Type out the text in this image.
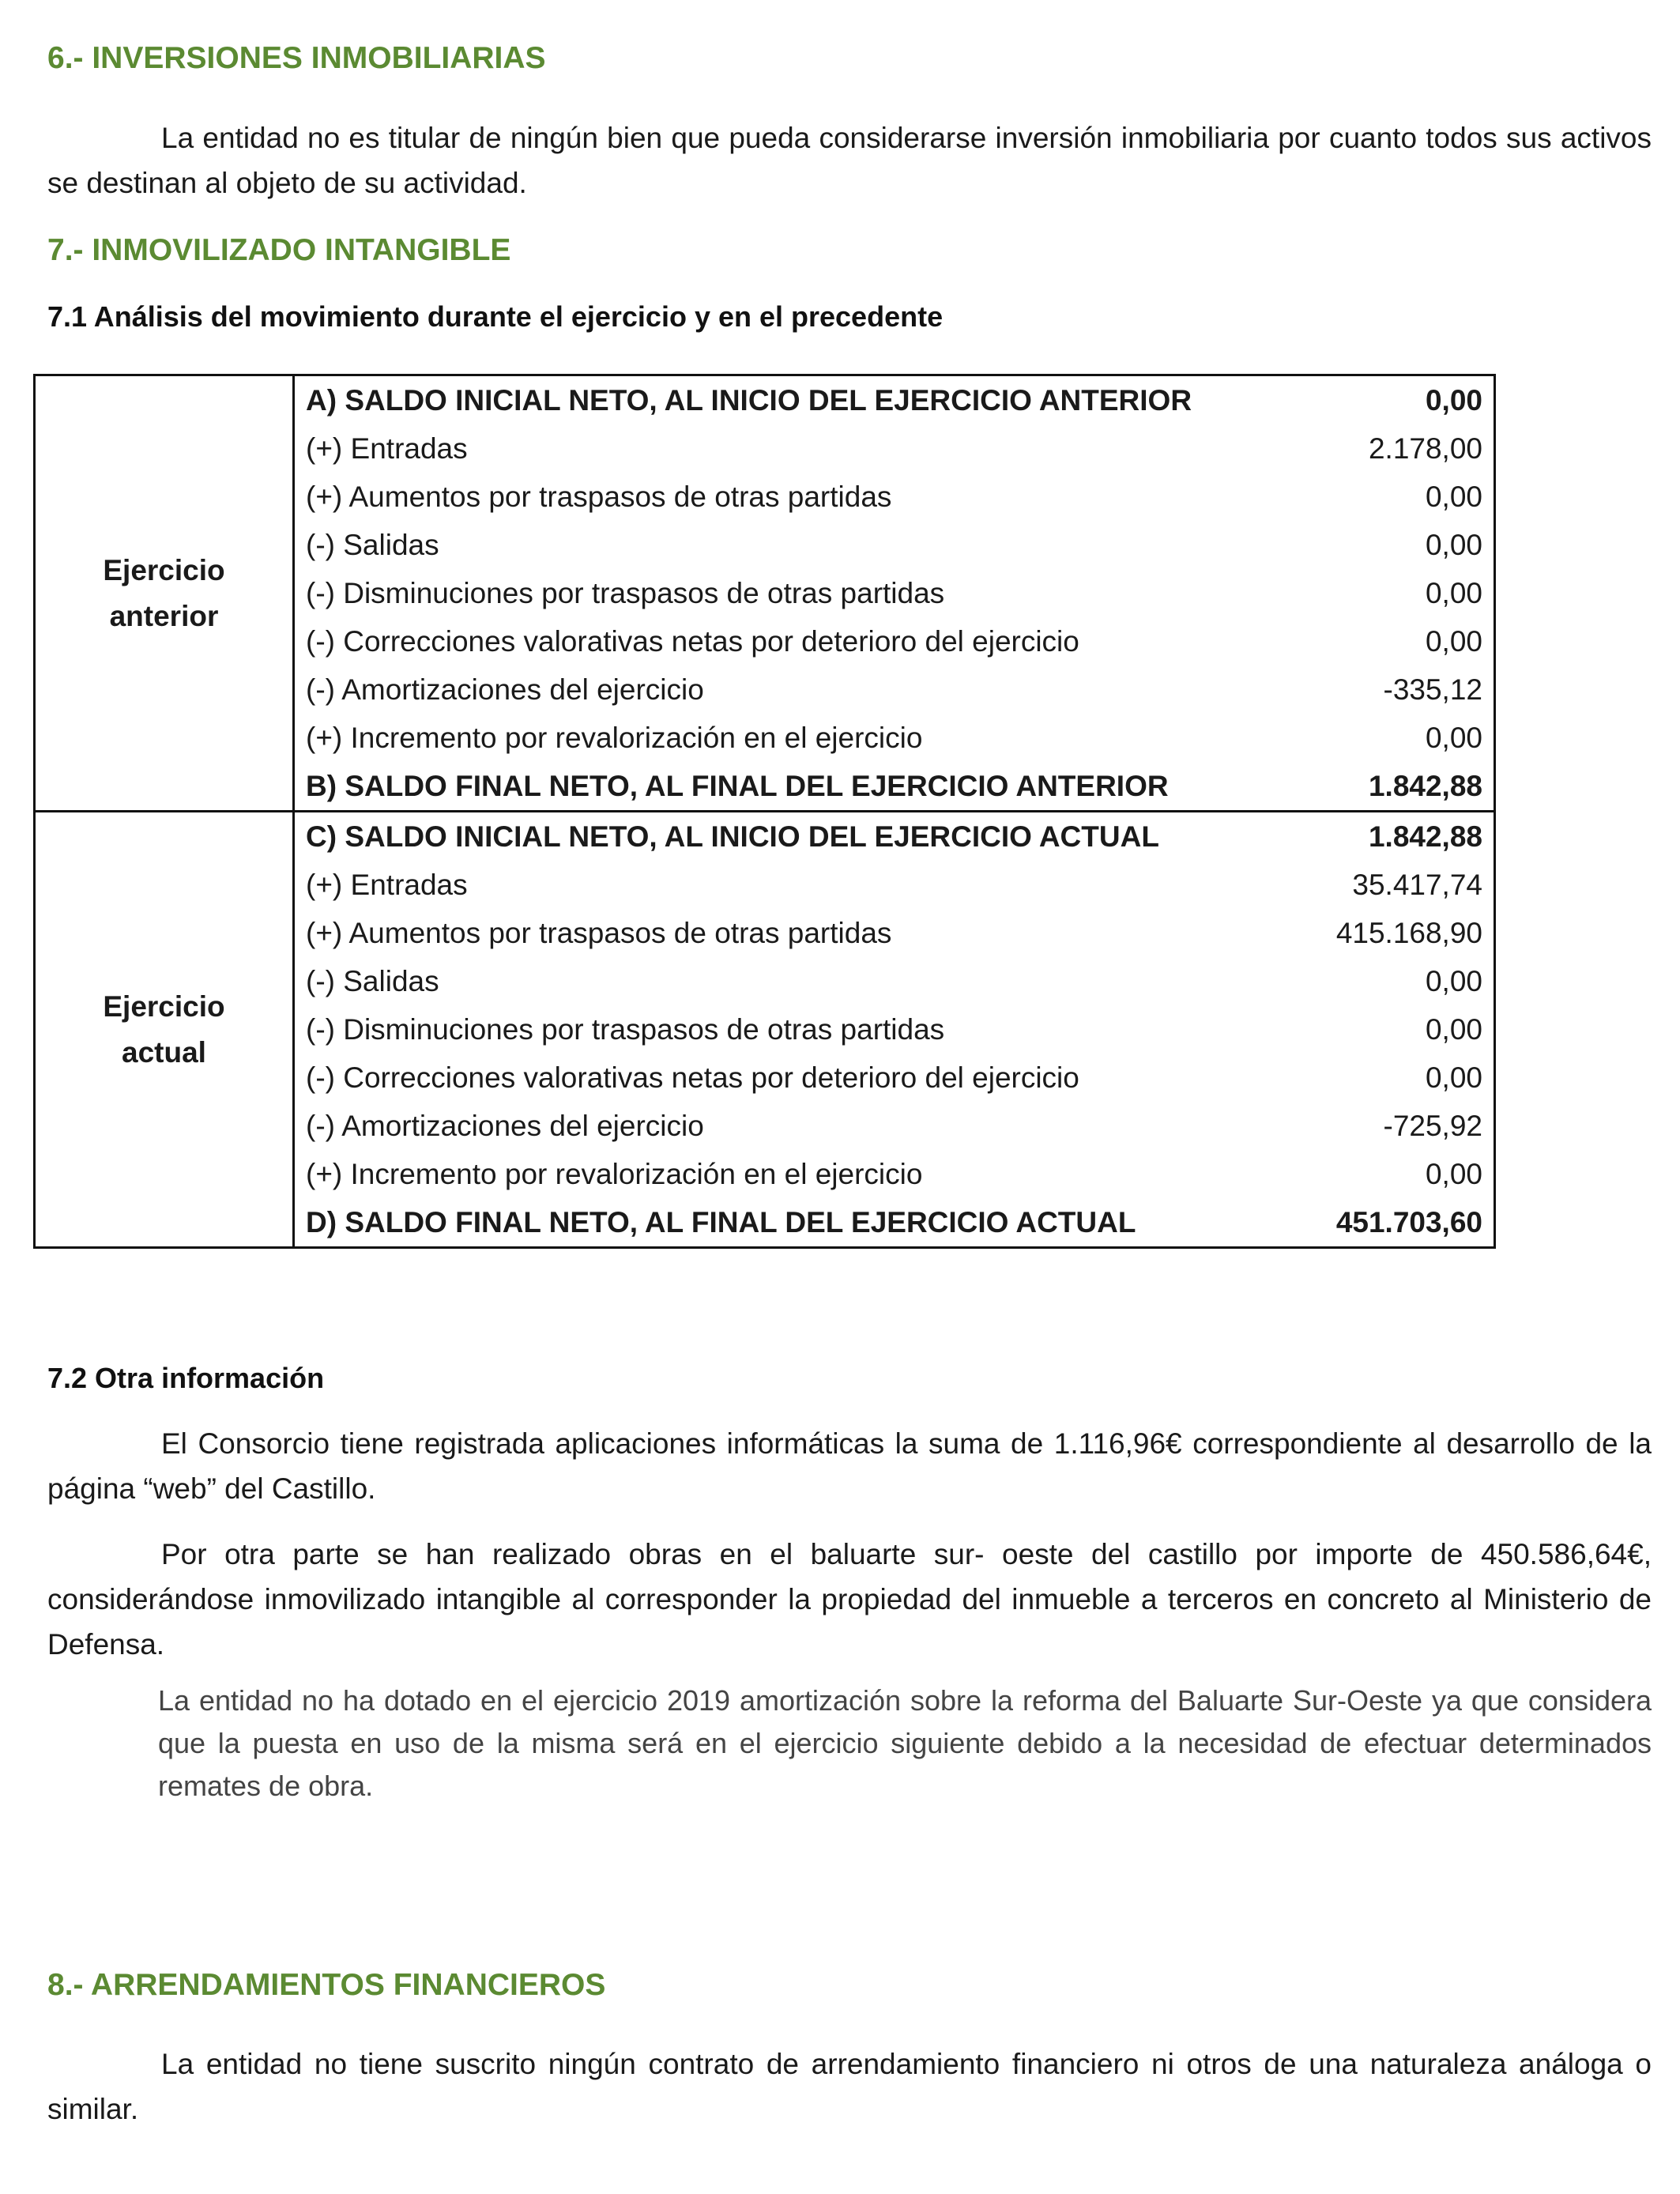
6.- INVERSIONES INMOBILIARIAS

La entidad no es titular de ningún bien que pueda considerarse inversión inmobiliaria por cuanto todos sus activos se destinan al objeto de su actividad.

7.- INMOVILIZADO INTANGIBLE
7.1 Análisis del movimiento durante el ejercicio y en el precedente
Ejercicio
anterior	A) SALDO INICIAL NETO, AL INICIO DEL EJERCICIO ANTERIOR	0,00
	(+) Entradas	2.178,00
	(+) Aumentos por traspasos de otras partidas	0,00
	(-) Salidas	0,00
	(-) Disminuciones por traspasos de otras partidas	0,00
	(-) Correcciones valorativas netas por deterioro del ejercicio	0,00
	(-) Amortizaciones del ejercicio	-335,12
	(+) Incremento por revalorización en el ejercicio	0,00
	B) SALDO FINAL NETO, AL FINAL DEL EJERCICIO ANTERIOR	1.842,88
Ejercicio
actual	C) SALDO INICIAL NETO, AL INICIO DEL EJERCICIO ACTUAL	1.842,88
	(+) Entradas	35.417,74
	(+) Aumentos por traspasos de otras partidas	415.168,90
	(-) Salidas	0,00
	(-) Disminuciones por traspasos de otras partidas	0,00
	(-) Correcciones valorativas netas por deterioro del ejercicio	0,00
	(-) Amortizaciones del ejercicio	-725,92
	(+) Incremento por revalorización en el ejercicio	0,00
	D) SALDO FINAL NETO, AL FINAL DEL EJERCICIO ACTUAL	451.703,60
7.2 Otra información

El Consorcio tiene registrada aplicaciones informáticas la suma de 1.116,96€ correspondiente al desarrollo de la página “web” del Castillo.

Por otra parte se han realizado obras en el baluarte sur- oeste del castillo por importe de 450.586,64€, considerándose inmovilizado intangible al corresponder la propiedad del inmueble a terceros en concreto al Ministerio de Defensa.

La entidad no ha dotado en el ejercicio 2019 amortización sobre la reforma del Baluarte Sur-Oeste ya que considera que la puesta en uso de la misma será en el ejercicio siguiente debido a la necesidad de efectuar determinados remates de obra.

8.- ARRENDAMIENTOS FINANCIEROS

La entidad no tiene suscrito ningún contrato de arrendamiento financiero ni otros de una naturaleza análoga o similar.
